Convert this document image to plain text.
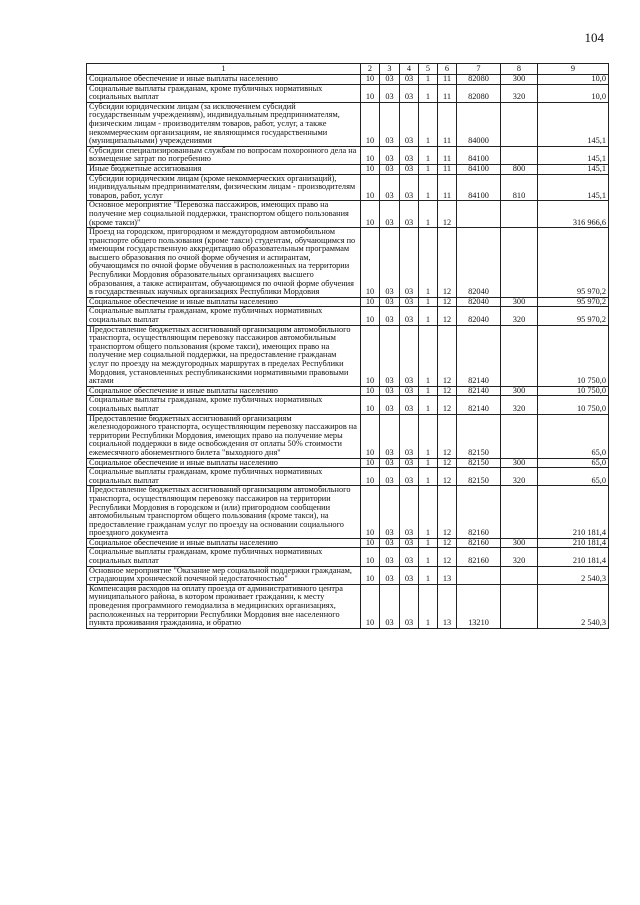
104
1	2	3	4	5	6	7	8	9
Социальное обеспечение и иные выплаты населению	10	03	03	1	11	82080	300	10,0
Социальные выплаты гражданам, кроме публичных нормативных социальных выплат	10	03	03	1	11	82080	320	10,0
Субсидии юридическим лицам (за исключением субсидий государственным учреждениям), индивидуальным предпринимателям, физическим лицам - производителям товаров, работ, услуг, а также некоммерческим организациям, не являющимся государственными (муниципальными) учреждениями	10	03	03	1	11	84000		145,1
Субсидии специализированным службам по вопросам похоронного дела на возмещение затрат по погребению	10	03	03	1	11	84100		145,1
Иные бюджетные ассигнования	10	03	03	1	11	84100	800	145,1
Субсидии юридическим лицам (кроме некоммерческих организаций), индивидуальным предпринимателям, физическим лицам - производителям товаров, работ, услуг	10	03	03	1	11	84100	810	145,1
Основное мероприятие "Перевозка пассажиров, имеющих право на получение мер социальной поддержки, транспортом общего пользования (кроме такси)"	10	03	03	1	12			316 966,6
Проезд на городском, пригородном и междугородном автомобильном транспорте общего пользования (кроме такси) студентам, обучающимся по имеющим государственную аккредитацию образовательным программам высшего образования по очной форме обучения и аспирантам, обучающимся по очной форме обучения в расположенных на территории Республики Мордовия образовательных организациях высшего образования, а также аспирантам, обучающимся по очной форме обучения в государственных научных организациях Республики Мордовия	10	03	03	1	12	82040		95 970,2
Социальное обеспечение и иные выплаты населению	10	03	03	1	12	82040	300	95 970,2
Социальные выплаты гражданам, кроме публичных нормативных социальных выплат	10	03	03	1	12	82040	320	95 970,2
Предоставление бюджетных ассигнований организациям автомобильного транспорта, осуществляющим перевозку пассажиров автомобильным транспортом общего пользования (кроме такси), имеющих право на получение мер социальной поддержки, на предоставление гражданам услуг по проезду на междугородных маршрутах в пределах Республики Мордовия, установленных республиканскими нормативными правовыми актами	10	03	03	1	12	82140		10 750,0
Социальное обеспечение и иные выплаты населению	10	03	03	1	12	82140	300	10 750,0
Социальные выплаты гражданам, кроме публичных нормативных социальных выплат	10	03	03	1	12	82140	320	10 750,0
Предоставление бюджетных ассигнований организациям железнодорожного транспорта, осуществляющим перевозку пассажиров на территории Республики Мордовия, имеющих право на получение меры социальной поддержки в виде освобождения от оплаты 50% стоимости ежемесячного абонементного билета "выходного дня"	10	03	03	1	12	82150		65,0
Социальное обеспечение и иные выплаты населению	10	03	03	1	12	82150	300	65,0
Социальные выплаты гражданам, кроме публичных нормативных социальных выплат	10	03	03	1	12	82150	320	65,0
Предоставление бюджетных ассигнований организациям автомобильного транспорта, осуществляющим перевозку пассажиров на территории Республики Мордовия в городском и (или) пригородном сообщении автомобильным транспортом общего пользования (кроме такси), на предоставление гражданам услуг по проезду на основании социального проездного документа	10	03	03	1	12	82160		210 181,4
Социальное обеспечение и иные выплаты населению	10	03	03	1	12	82160	300	210 181,4
Социальные выплаты гражданам, кроме публичных нормативных социальных выплат	10	03	03	1	12	82160	320	210 181,4
Основное мероприятие "Оказание мер социальной поддержки гражданам, страдающим хронической почечной недостаточностью"	10	03	03	1	13			2 540,3
Компенсация расходов на оплату проезда от административного центра муниципального района, в котором проживает гражданин, к месту проведения программного гемодиализа в медицинских организациях, расположенных на территории Республики Мордовия вне населенного пункта проживания гражданина, и обратно	10	03	03	1	13	13210		2 540,3
